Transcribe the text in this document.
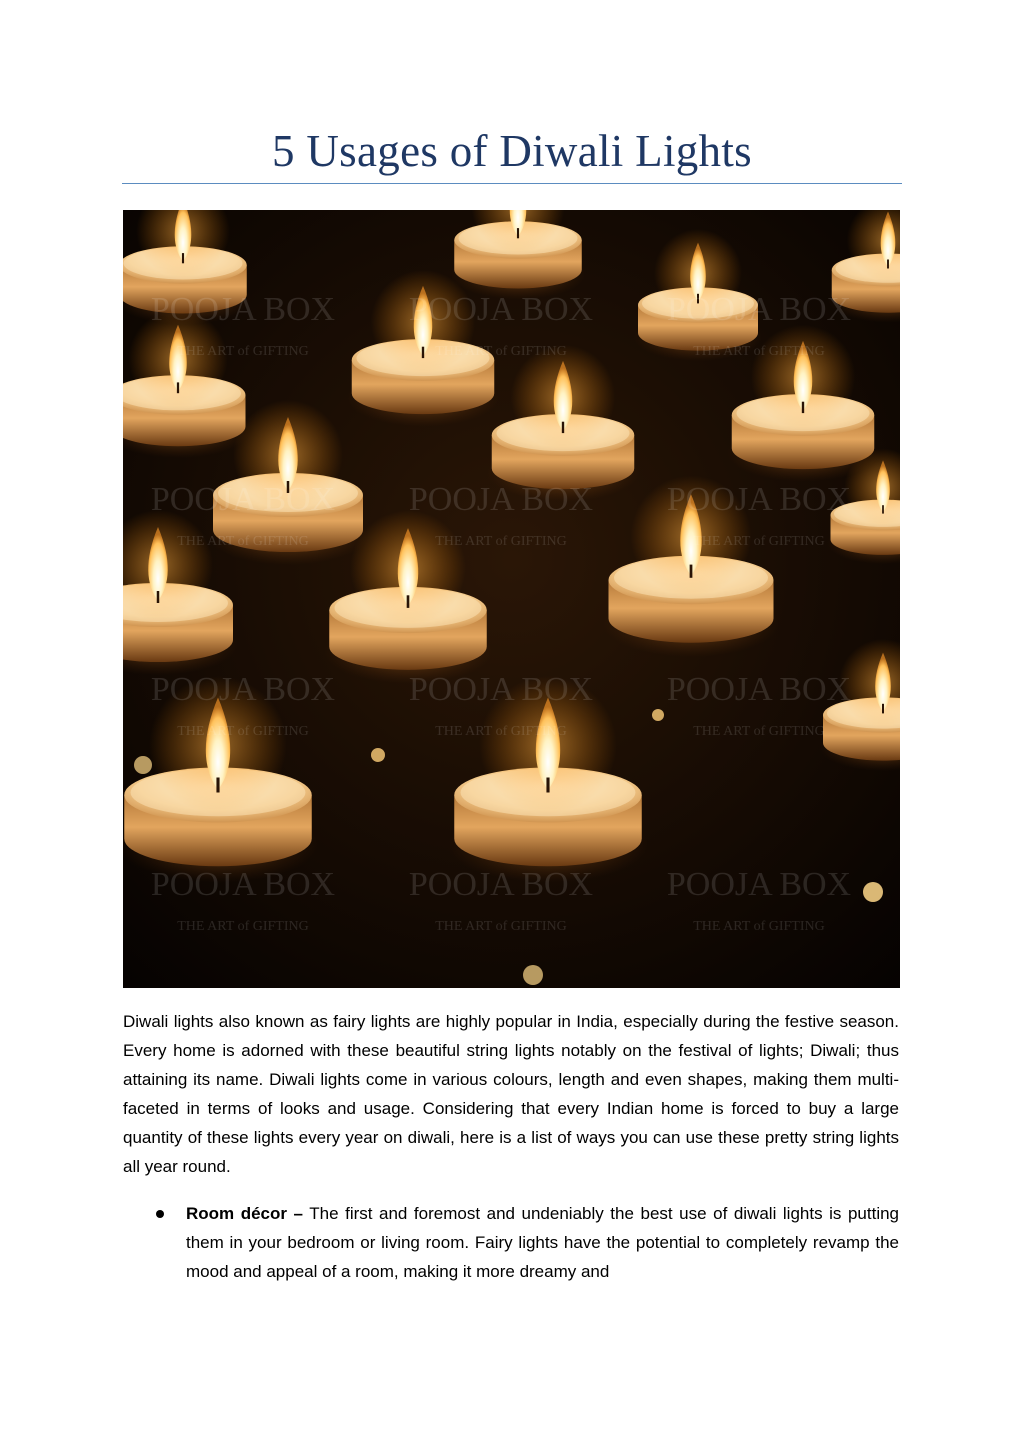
5 Usages of Diwali Lights
POOJA BOX
THE ART of GIFTING
POOJA BOX
THE ART of GIFTING
POOJA BOX
THE ART of GIFTING
POOJA BOX
THE ART of GIFTING
POOJA BOX
THE ART of GIFTING
POOJA BOX
THE ART of GIFTING
POOJA BOX
THE ART of GIFTING
POOJA BOX
THE ART of GIFTING
POOJA BOX
THE ART of GIFTING
POOJA BOX
THE ART of GIFTING
POOJA BOX
THE ART of GIFTING
POOJA BOX
THE ART of GIFTING

Diwali lights also known as fairy lights are highly popular in India, especially during the festive season. Every home is adorned with these beautiful string lights notably on the festival of lights; Diwali; thus attaining its name. Diwali lights come in various colours, length and even shapes, making them multi-faceted in terms of looks and usage. Considering that every Indian home is forced to buy a large quantity of these lights every year on diwali, here is a list of ways you can use these pretty string lights all year round.

Room décor – The first and foremost and undeniably the best use of diwali lights is putting them in your bedroom or living room. Fairy lights have the potential to completely revamp the mood and appeal of a room, making it more dreamy and
